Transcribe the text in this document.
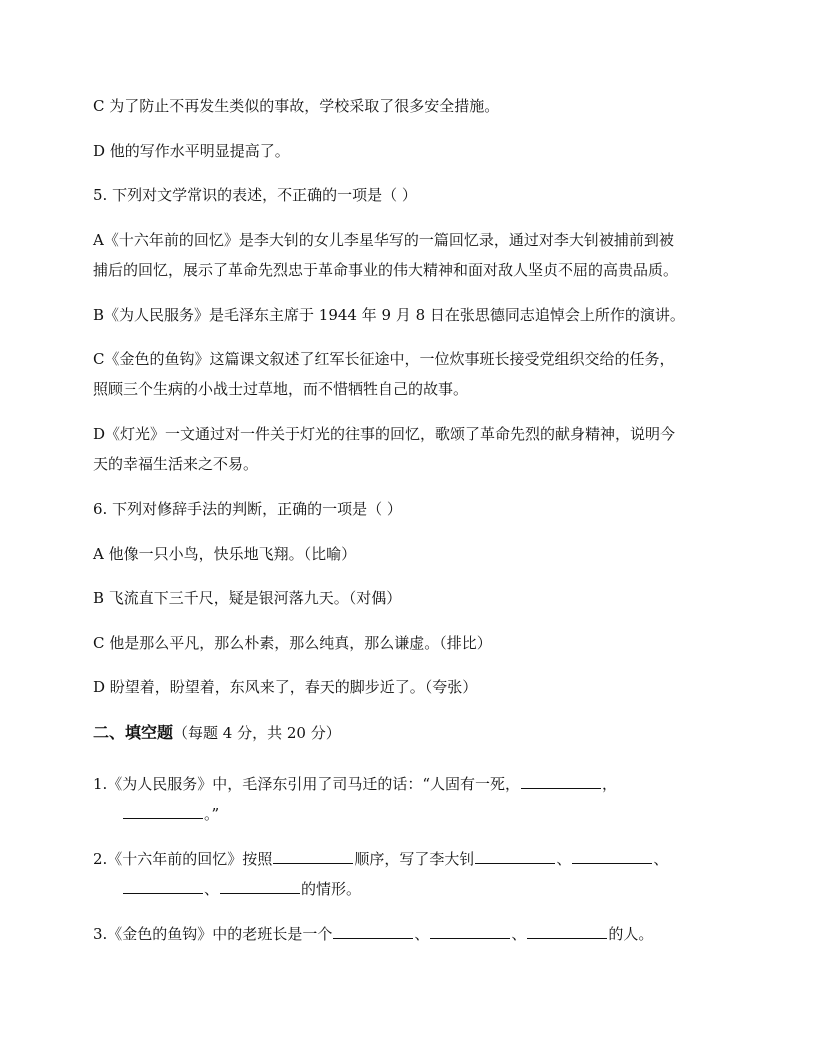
C 为了防止不再发生类似的事故，学校采取了很多安全措施。
D 他的写作水平明显提高了。
5. 下列对文学常识的表述，不正确的一项是（ ）
A《十六年前的回忆》是李大钊的女儿李星华写的一篇回忆录，通过对李大钊被捕前到被
捕后的回忆，展示了革命先烈忠于革命事业的伟大精神和面对敌人坚贞不屈的高贵品质。
B《为人民服务》是毛泽东主席于 1944 年 9 月 8 日在张思德同志追悼会上所作的演讲。
C《金色的鱼钩》这篇课文叙述了红军长征途中，一位炊事班长接受党组织交给的任务，
照顾三个生病的小战士过草地，而不惜牺牲自己的故事。
D《灯光》一文通过对一件关于灯光的往事的回忆，歌颂了革命先烈的献身精神，说明今
天的幸福生活来之不易。
6. 下列对修辞手法的判断，正确的一项是（ ）
A 他像一只小鸟，快乐地飞翔。（比喻）
B 飞流直下三千尺，疑是银河落九天。（对偶）
C 他是那么平凡，那么朴素，那么纯真，那么谦虚。（排比）
D 盼望着，盼望着，东风来了，春天的脚步近了。（夸张）
二、填空题（每题 4 分，共 20 分）
1.《为人民服务》中，毛泽东引用了司马迁的话：“人固有一死，	，
。”
2.《十六年前的回忆》按照	顺序，写了李大钊	、	、
、	的情形。
3.《金色的鱼钩》中的老班长是一个	、	、	的人。
